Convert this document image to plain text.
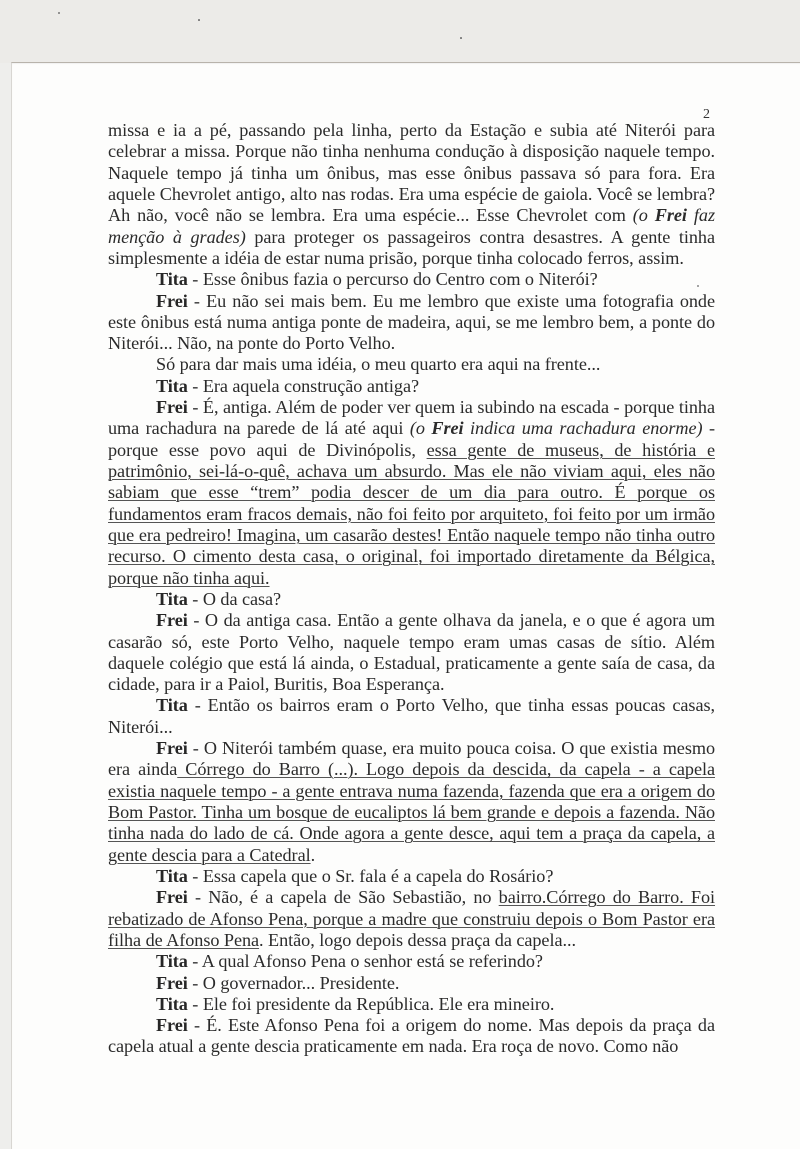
2

missa e ia a pé, passando pela linha, perto da Estação e subia até Niterói para celebrar a missa. Porque não tinha nenhuma condução à disposição naquele tempo. Naquele tempo já tinha um ônibus, mas esse ônibus passava só para fora. Era aquele Chevrolet antigo, alto nas rodas. Era uma espécie de gaiola. Você se lembra? Ah não, você não se lembra. Era uma espécie... Esse Chevrolet com (o Frei faz menção à grades) para proteger os passageiros contra desastres. A gente tinha simplesmente a idéia de estar numa prisão, porque tinha colocado ferros, assim.

Tita - Esse ônibus fazia o percurso do Centro com o Niterói?

Frei - Eu não sei mais bem. Eu me lembro que existe uma fotografia onde este ônibus está numa antiga ponte de madeira, aqui, se me lembro bem, a ponte do Niterói... Não, na ponte do Porto Velho.

Só para dar mais uma idéia, o meu quarto era aqui na frente...

Tita - Era aquela construção antiga?

Frei - É, antiga. Além de poder ver quem ia subindo na escada - porque tinha uma rachadura na parede de lá até aqui (o Frei indica uma rachadura enorme) - porque esse povo aqui de Divinópolis, essa gente de museus, de história e patrimônio, sei-lá-o-quê, achava um absurdo. Mas ele não viviam aqui, eles não sabiam que esse “trem” podia descer de um dia para outro. É porque os fundamentos eram fracos demais, não foi feito por arquiteto, foi feito por um irmão que era pedreiro! Imagina, um casarão destes! Então naquele tempo não tinha outro recurso. O cimento desta casa, o original, foi importado diretamente da Bélgica, porque não tinha aqui.

Tita - O da casa?

Frei - O da antiga casa. Então a gente olhava da janela, e o que é agora um casarão só, este Porto Velho, naquele tempo eram umas casas de sítio. Além daquele colégio que está lá ainda, o Estadual, praticamente a gente saía de casa, da cidade, para ir a Paiol, Buritis, Boa Esperança.

Tita - Então os bairros eram o Porto Velho, que tinha essas poucas casas, Niterói...

Frei - O Niterói também quase, era muito pouca coisa. O que existia mesmo era ainda Córrego do Barro (...). Logo depois da descida, da capela - a capela existia naquele tempo - a gente entrava numa fazenda, fazenda que era a origem do Bom Pastor. Tinha um bosque de eucaliptos lá bem grande e depois a fazenda. Não tinha nada do lado de cá. Onde agora a gente desce, aqui tem a praça da capela, a gente descia para a Catedral.

Tita - Essa capela que o Sr. fala é a capela do Rosário?

Frei - Não, é a capela de São Sebastião, no bairro.Córrego do Barro. Foi rebatizado de Afonso Pena, porque a madre que construiu depois o Bom Pastor era filha de Afonso Pena. Então, logo depois dessa praça da capela...

Tita - A qual Afonso Pena o senhor está se referindo?

Frei - O governador... Presidente.

Tita - Ele foi presidente da República. Ele era mineiro.

Frei - É. Este Afonso Pena foi a origem do nome. Mas depois da praça da capela atual a gente descia praticamente em nada. Era roça de novo. Como não
